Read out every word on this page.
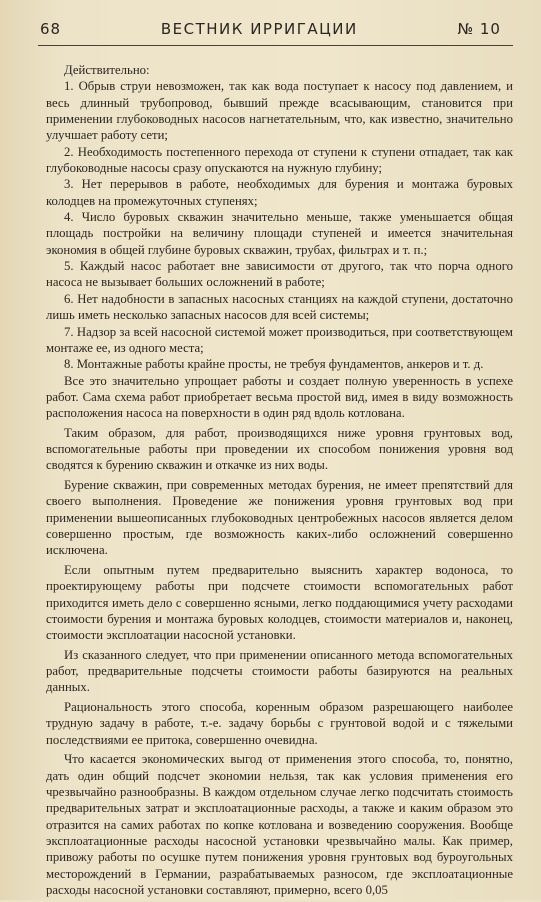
68	ВЕСТНИК ИРРИГАЦИИ	№ 10

Действительно:

1. Обрыв струи невозможен, так как вода поступает к насосу под давлением, и весь длинный трубопровод, бывший прежде всасывающим, становится при применении глубоководных насосов нагнетательным, что, как известно, значительно улучшает работу сети;

2. Необходимость постепенного перехода от ступени к ступени отпадает, так как глубоководные насосы сразу опускаются на нужную глубину;

3. Нет перерывов в работе, необходимых для бурения и монтажа буровых колодцев на промежуточных ступенях;

4. Число буровых скважин значительно меньше, также уменьшается общая площадь постройки на величину площади ступеней и имеется значительная экономия в общей глубине буровых скважин, трубах, фильтрах и т. п.;

5. Каждый насос работает вне зависимости от другого, так что порча одного насоса не вызывает больших осложнений в работе;

6. Нет надобности в запасных насосных станциях на каждой ступени, достаточно лишь иметь несколько запасных насосов для всей системы;

7. Надзор за всей насосной системой может производиться, при соответствующем монтаже ее, из одного места;

8. Монтажные работы крайне просты, не требуя фундаментов, анкеров и т. д.

Все это значительно упрощает работы и создает полную уверенность в успехе работ. Сама схема работ приобретает весьма простой вид, имея в виду возможность расположения насоса на поверхности в один ряд вдоль котлована.

Таким образом, для работ, производящихся ниже уровня грунтовых вод, вспомогательные работы при проведении их способом понижения уровня вод сводятся к бурению скважин и откачке из них воды.

Бурение скважин, при современных методах бурения, не имеет препятствий для своего выполнения. Проведение же понижения уровня грунтовых вод при применении вышеописанных глубоководных центробежных насосов является делом совершенно простым, где возможность каких-либо осложнений совершенно исключена.

Если опытным путем предварительно выяснить характер водоноса, то проектирующему работы при подсчете стоимости вспомогательных работ приходится иметь дело с совершенно ясными, легко поддающимися учету расходами стоимости бурения и монтажа буровых колодцев, стоимости материалов и, наконец, стоимости эксплоатации насосной установки.

Из сказанного следует, что при применении описанного метода вспомогательных работ, предварительные подсчеты стоимости работы базируются на реальных данных.

Рациональность этого способа, коренным образом разрешающего наиболее трудную задачу в работе, т.-е. задачу борьбы с грунтовой водой и с тяжелыми последствиями ее притока, совершенно очевидна.

Что касается экономических выгод от применения этого способа, то, понятно, дать один общий подсчет экономии нельзя, так как условия применения его чрезвычайно разнообразны. В каждом отдельном случае легко подсчитать стоимость предварительных затрат и эксплоатационные расходы, а также и каким образом это отразится на самих работах по копке котлована и возведению сооружения. Вообще эксплоатационные расходы насосной установки чрезвычайно малы. Как пример, привожу работы по осушке путем понижения уровня грунтовых вод буроугольных месторождений в Германии, разрабатываемых разносом, где эксплоатационные расходы насосной установки составляют, примерно, всего 0,05
